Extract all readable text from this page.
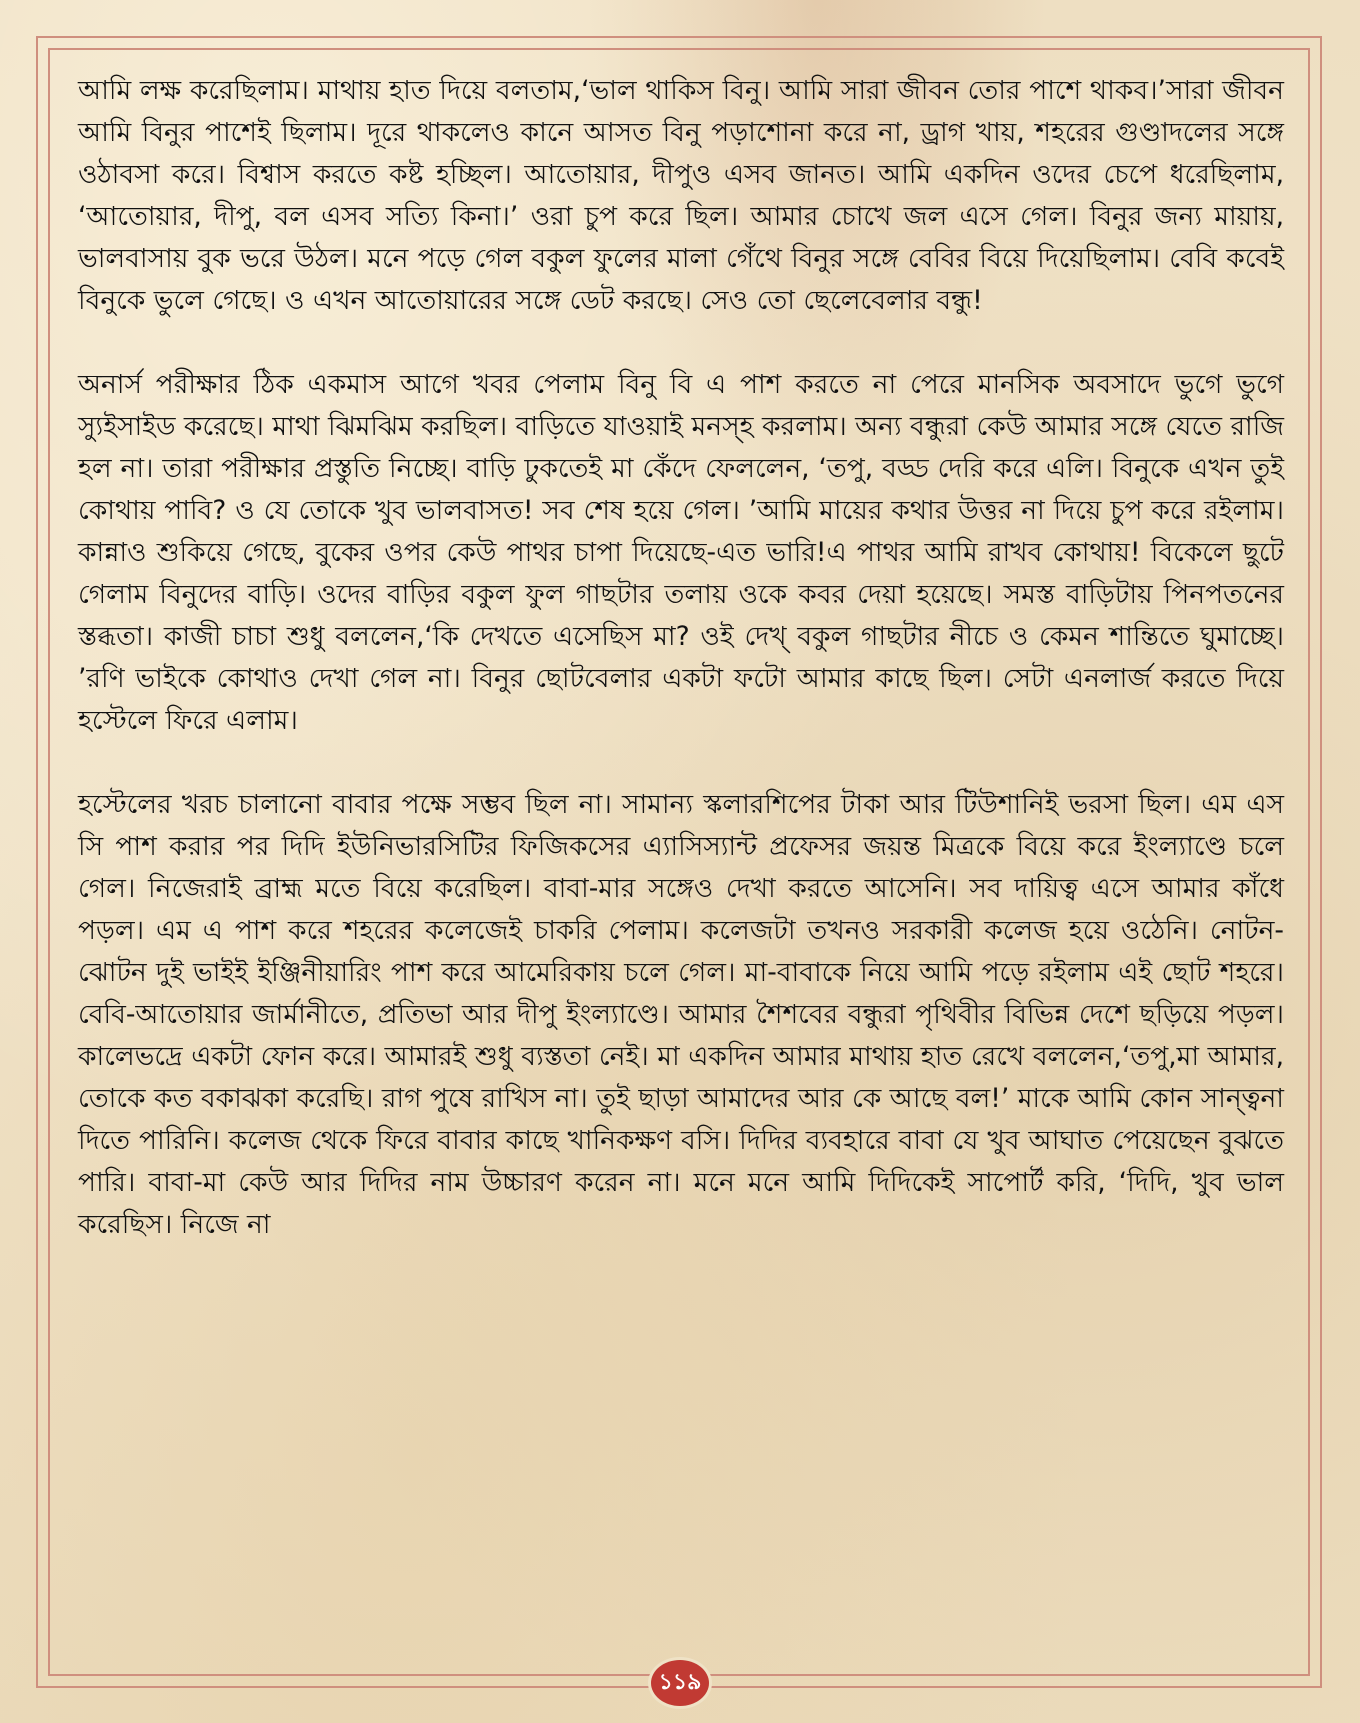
আমি লক্ষ করেছিলাম। মাথায় হাত দিয়ে বলতাম,‘ভাল থাকিস বিনু। আমি সারা জীবন তোর পাশে থাকব।’সারা জীবন আমি বিনুর পাশেই ছিলাম। দূরে থাকলেও কানে আসত বিনু পড়াশোনা করে না, ড্রাগ খায়, শহরের গুণ্ডাদলের সঙ্গে ওঠাবসা করে। বিশ্বাস করতে কষ্ট হচ্ছিল। আতোয়ার, দীপুও এসব জানত। আমি একদিন ওদের চেপে ধরেছিলাম, ‘আতোয়ার, দীপু, বল এসব সত্যি কিনা।’ ওরা চুপ করে ছিল। আমার চোখে জল এসে গেল। বিনুর জন্য মায়ায়, ভালবাসায় বুক ভরে উঠল। মনে পড়ে গেল বকুল ফুলের মালা গেঁথে বিনুর সঙ্গে বেবির বিয়ে দিয়েছিলাম। বেবি কবেই বিনুকে ভুলে গেছে। ও এখন আতোয়ারের সঙ্গে ডেট করছে। সেও তো ছেলেবেলার বন্ধু!

অনার্স পরীক্ষার ঠিক একমাস আগে খবর পেলাম বিনু বি এ পাশ করতে না পেরে মানসিক অবসাদে ভুগে ভুগে স্যুইসাইড করেছে। মাথা ঝিমঝিম করছিল। বাড়িতে যাওয়াই মনস্হ করলাম। অন্য বন্ধুরা কেউ আমার সঙ্গে যেতে রাজি হল না। তারা পরীক্ষার প্রস্তুতি নিচ্ছে। বাড়ি ঢুকতেই মা কেঁদে ফেললেন, ‘তপু, বড্ড দেরি করে এলি। বিনুকে এখন তুই কোথায় পাবি? ও যে তোকে খুব ভালবাসত! সব শেষ হয়ে গেল। ’আমি মায়ের কথার উত্তর না দিয়ে চুপ করে রইলাম। কান্নাও শুকিয়ে গেছে, বুকের ওপর কেউ পাথর চাপা দিয়েছে-এত ভারি!এ পাথর আমি রাখব কোথায়! বিকেলে ছুটে গেলাম বিনুদের বাড়ি। ওদের বাড়ির বকুল ফুল গাছটার তলায় ওকে কবর দেয়া হয়েছে। সমস্ত বাড়িটায় পিনপতনের স্তব্ধতা। কাজী চাচা শুধু বললেন,‘কি দেখতে এসেছিস মা? ওই দেখ্ বকুল গাছটার নীচে ও কেমন শান্তিতে ঘুমাচ্ছে। ’রণি ভাইকে কোথাও দেখা গেল না। বিনুর ছোটবেলার একটা ফটো আমার কাছে ছিল। সেটা এনলার্জ করতে দিয়ে হস্টেলে ফিরে এলাম।

হস্টেলের খরচ চালানো বাবার পক্ষে সম্ভব ছিল না। সামান্য স্কলারশিপের টাকা আর টিউশানিই ভরসা ছিল। এম এস সি পাশ করার পর দিদি ইউনিভারসিটির ফিজিকসের এ্যাসিস্যান্ট প্রফেসর জয়ন্ত মিত্রকে বিয়ে করে ইংল্যাণ্ডে চলে গেল। নিজেরাই ব্রাহ্ম মতে বিয়ে করেছিল। বাবা-মার সঙ্গেও দেখা করতে আসেনি। সব দায়িত্ব এসে আমার কাঁধে পড়ল। এম এ পাশ করে শহরের কলেজেই চাকরি পেলাম। কলেজটা তখনও সরকারী কলেজ হয়ে ওঠেনি। নোটন-ঝোটন দুই ভাইই ইঞ্জিনীয়ারিং পাশ করে আমেরিকায় চলে গেল। মা-বাবাকে নিয়ে আমি পড়ে রইলাম এই ছোট শহরে। বেবি-আতোয়ার জার্মানীতে, প্রতিভা আর দীপু ইংল্যাণ্ডে। আমার শৈশবের বন্ধুরা পৃথিবীর বিভিন্ন দেশে ছড়িয়ে পড়ল। কালেভদ্রে একটা ফোন করে। আমারই শুধু ব্যস্ততা নেই। মা একদিন আমার মাথায় হাত রেখে বললেন,‘তপু,মা আমার, তোকে কত বকাঝকা করেছি। রাগ পুষে রাখিস না। তুই ছাড়া আমাদের আর কে আছে বল!’ মাকে আমি কোন সান্ত্বনা দিতে পারিনি। কলেজ থেকে ফিরে বাবার কাছে খানিকক্ষণ বসি। দিদির ব্যবহারে বাবা যে খুব আঘাত পেয়েছেন বুঝতে পারি। বাবা-মা কেউ আর দিদির নাম উচ্চারণ করেন না। মনে মনে আমি দিদিকেই সাপোর্ট করি, ‘দিদি, খুব ভাল করেছিস। নিজে না

১১৯
